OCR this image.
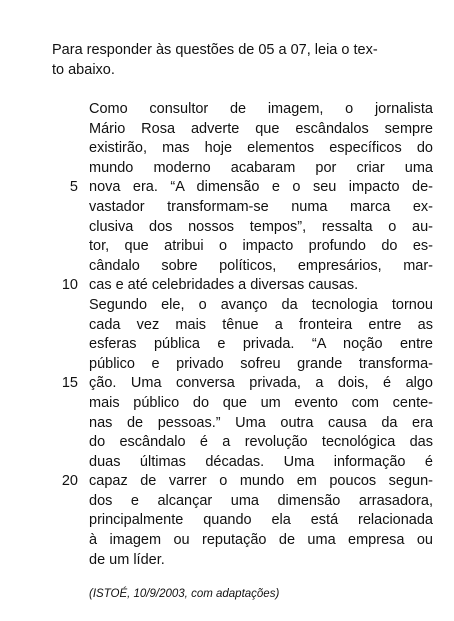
Para responder às questões de 05 a 07, leia o tex-
to abaixo.
Como consultor de imagem, o jornalista
Mário Rosa adverte que escândalos sempre
existirão, mas hoje elementos específicos do
mundo moderno acabaram por criar uma
5 nova era. “A dimensão e o seu impacto de-
vastador transformam-se numa marca ex-
clusiva dos nossos tempos”, ressalta o au-
tor, que atribui o impacto profundo do es-
cândalo sobre políticos, empresários, mar-
10 cas e até celebridades a diversas causas.
Segundo ele, o avanço da tecnologia tornou
cada vez mais tênue a fronteira entre as
esferas pública e privada. “A noção entre
público e privado sofreu grande transforma-
15 ção. Uma conversa privada, a dois, é algo
mais público do que um evento com cente-
nas de pessoas.” Uma outra causa da era
do escândalo é a revolução tecnológica das
duas últimas décadas. Uma informação é
20 capaz de varrer o mundo em poucos segun-
dos e alcançar uma dimensão arrasadora,
principalmente quando ela está relacionada
à imagem ou reputação de uma empresa ou
de um líder.
(ISTOÉ, 10/9/2003, com adaptações)
